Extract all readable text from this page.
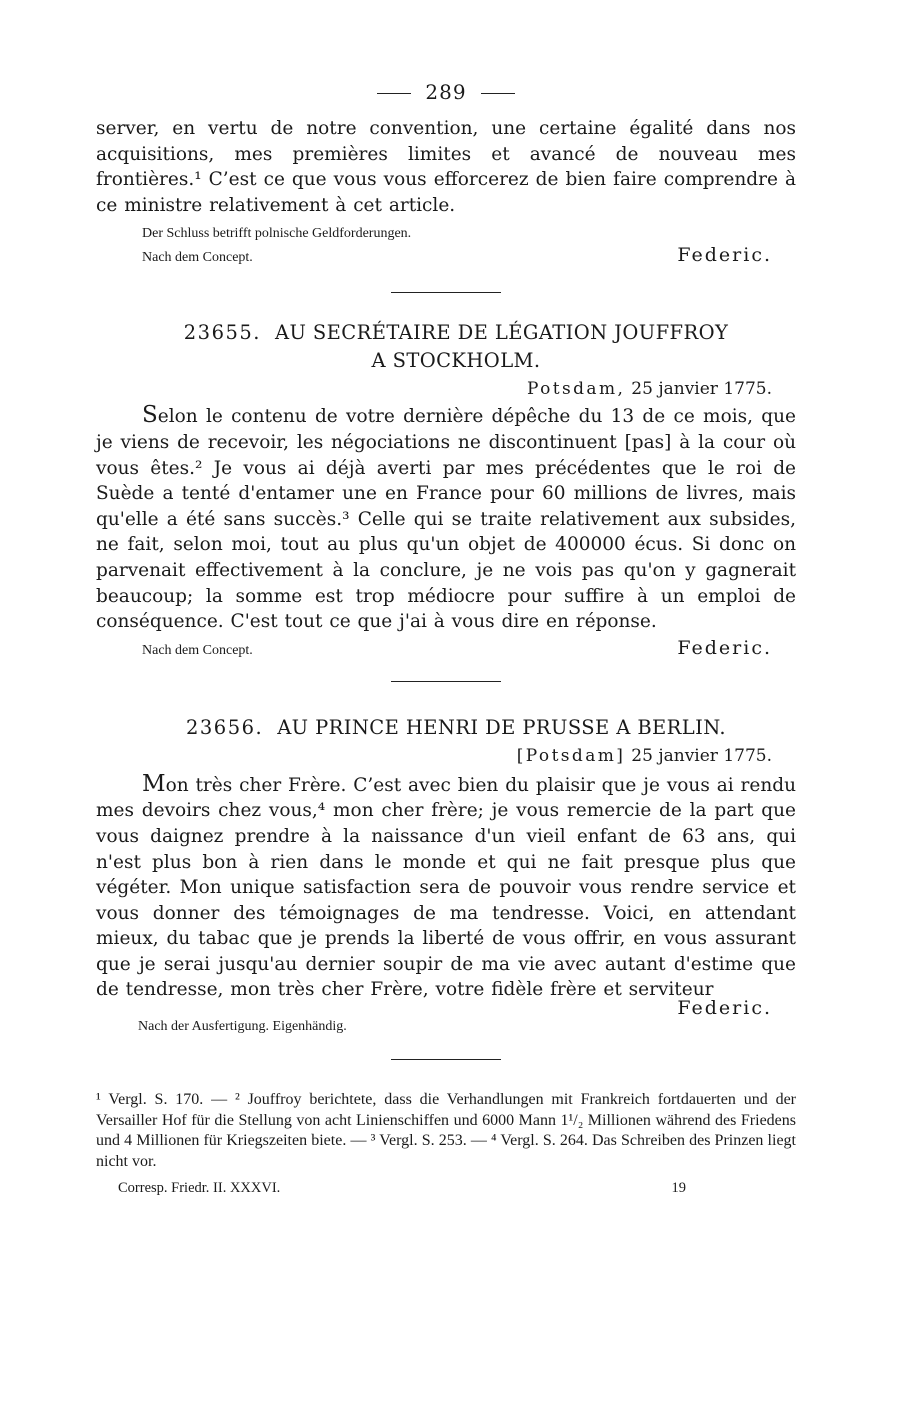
289

server, en vertu de notre convention, une certaine égalité dans nos acquisitions, mes premières limites et avancé de nouveau mes frontières.¹ C’est ce que vous vous efforcerez de bien faire comprendre à ce ministre relativement à cet article.

Der Schluss betrifft polnische Geldforderungen.
Nach dem Concept.	Federic.
23655. AU SECRÉTAIRE DE LÉGATION JOUFFROY
A STOCKHOLM.
Potsdam, 25 janvier 1775.

Selon le contenu de votre dernière dépêche du 13 de ce mois, que je viens de recevoir, les négociations ne discontinuent [pas] à la cour où vous êtes.² Je vous ai déjà averti par mes précédentes que le roi de Suède a tenté d'entamer une en France pour 60 millions de livres, mais qu'elle a été sans succès.³ Celle qui se traite relativement aux subsides, ne fait, selon moi, tout au plus qu'un objet de 400000 écus. Si donc on parvenait effectivement à la conclure, je ne vois pas qu'on y gagnerait beaucoup; la somme est trop médiocre pour suffire à un emploi de conséquence. C'est tout ce que j'ai à vous dire en réponse.

Nach dem Concept.	Federic.
23656. AU PRINCE HENRI DE PRUSSE A BERLIN.
[Potsdam] 25 janvier 1775.

Mon très cher Frère. C’est avec bien du plaisir que je vous ai rendu mes devoirs chez vous,⁴ mon cher frère; je vous remercie de la part que vous daignez prendre à la naissance d'un vieil enfant de 63 ans, qui n'est plus bon à rien dans le monde et qui ne fait presque plus que végéter. Mon unique satisfaction sera de pouvoir vous rendre service et vous donner des témoignages de ma tendresse. Voici, en attendant mieux, du tabac que je prends la liberté de vous offrir, en vous assurant que je serai jusqu'au dernier soupir de ma vie avec autant d'estime que de tendresse, mon très cher Frère, votre fidèle frère et serviteur

Federic.
Nach der Ausfertigung. Eigenhändig.

¹ Vergl. S. 170. — ² Jouffroy berichtete, dass die Verhandlungen mit Frankreich fortdauerten und der Versailler Hof für die Stellung von acht Linienschiffen und 6000 Mann 1¹/₂ Millionen während des Friedens und 4 Millionen für Kriegszeiten biete. — ³ Vergl. S. 253. — ⁴ Vergl. S. 264. Das Schreiben des Prinzen liegt nicht vor.

Corresp. Friedr. II. XXXVI.	19
